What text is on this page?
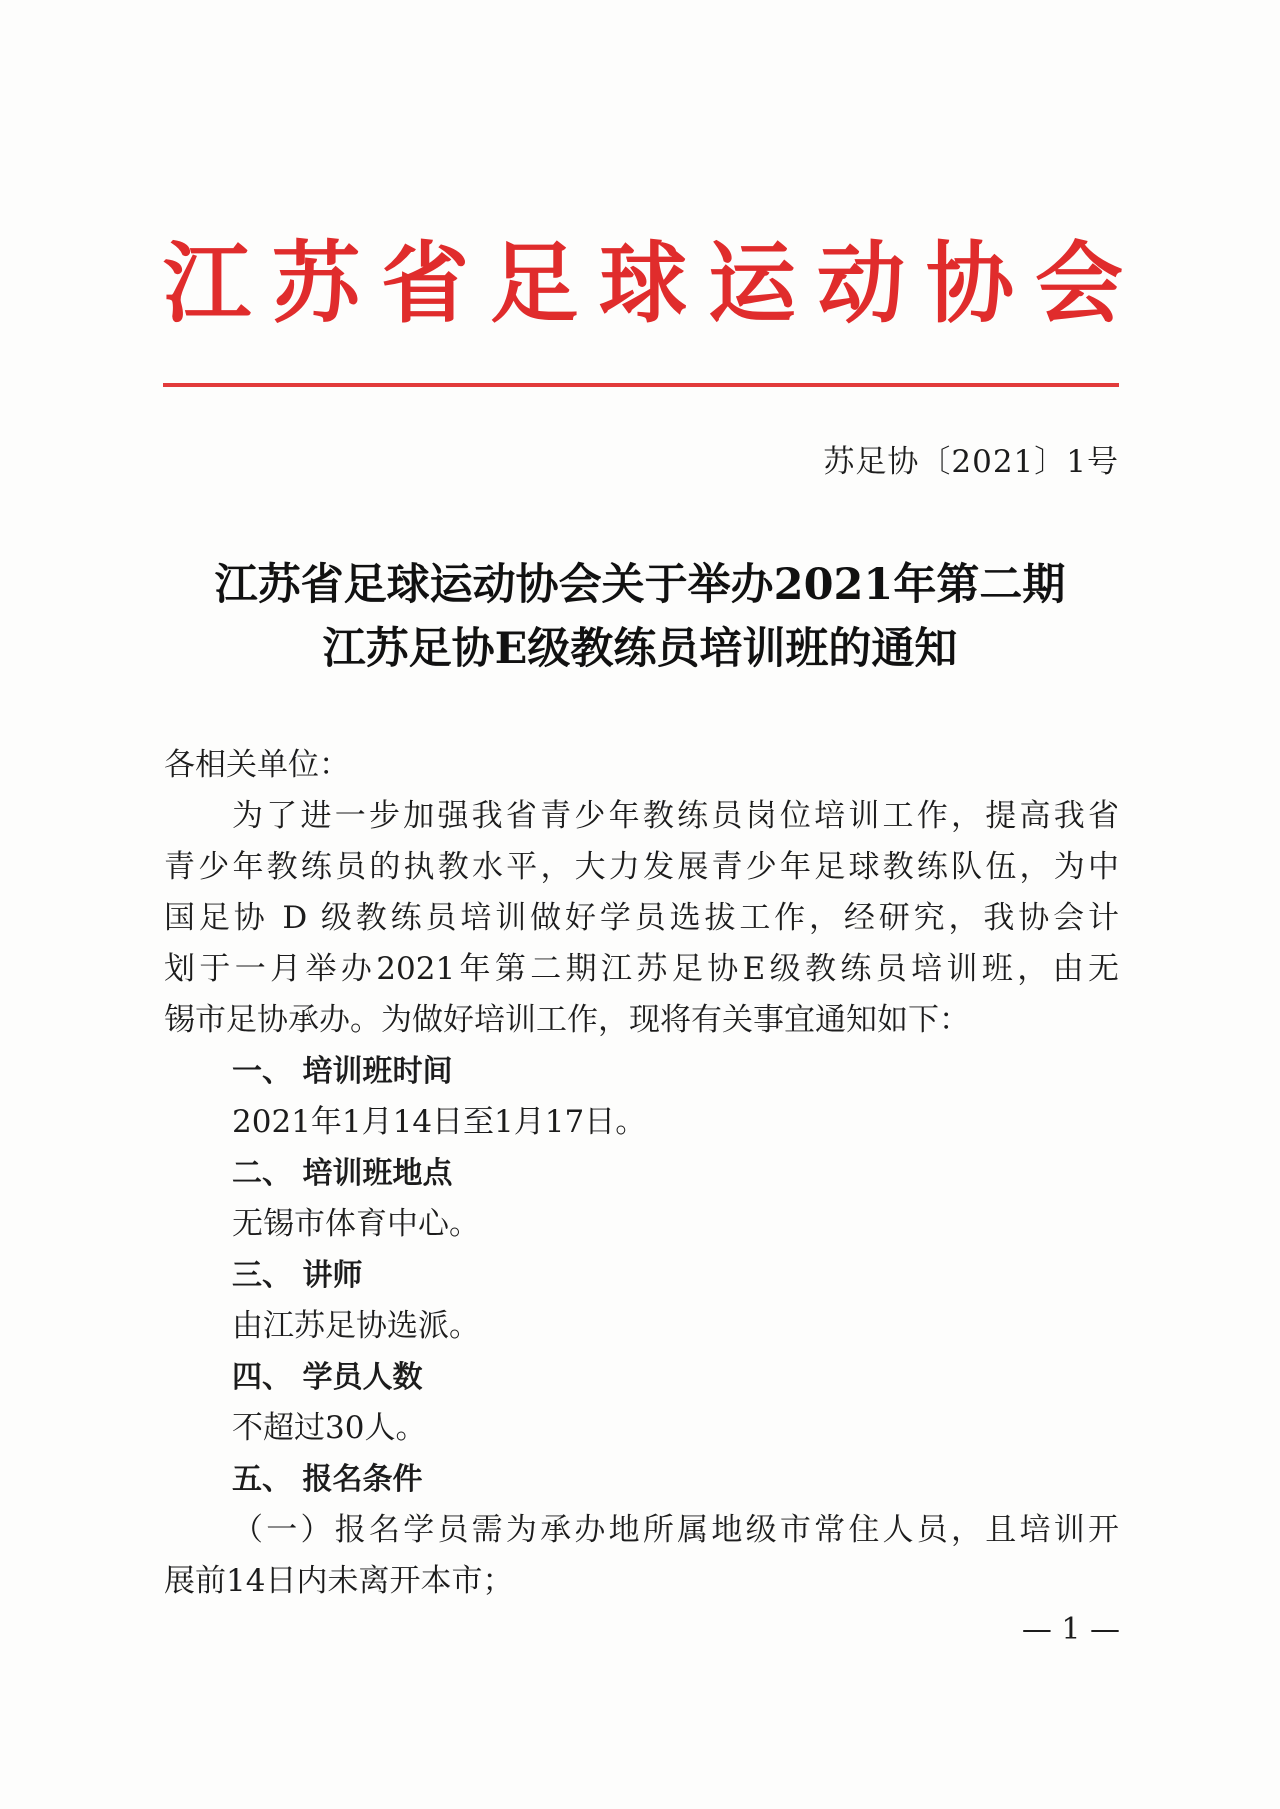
江苏省足球运动协会
苏足协〔2021〕1号
江苏省足球运动协会关于举办2021年第二期
江苏足协E级教练员培训班的通知
各相关单位：
为了进一步加强我省青少年教练员岗位培训工作，提高我省
青少年教练员的执教水平，大力发展青少年足球教练队伍，为中
国足协 D 级教练员培训做好学员选拔工作，经研究，我协会计
划于一月举办2021年第二期江苏足协E级教练员培训班，由无
锡市足协承办。为做好培训工作，现将有关事宜通知如下：
一、 培训班时间
2021年1月14日至1月17日。
二、 培训班地点
无锡市体育中心。
三、 讲师
由江苏足协选派。
四、 学员人数
不超过30人。
五、 报名条件
（一）报名学员需为承办地所属地级市常住人员，且培训开
展前14日内未离开本市；
— 1 —
